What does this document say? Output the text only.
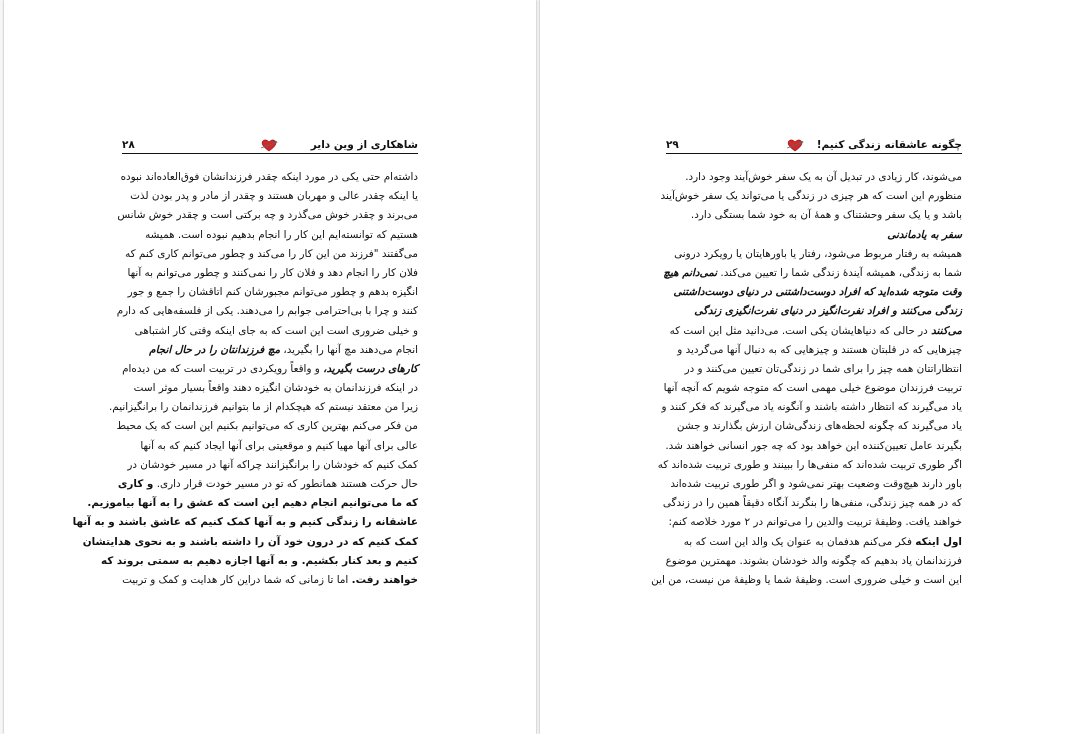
شاهکاری از وین دایر
۲۸
داشته‌ام حتی یکی در مورد اینکه چقدر فرزندانشان فوق‌العاده‌اند نبوده
یا اینکه چقدر عالی و مهربان هستند و چقدر از مادر و پدر بودن لذت
می‌برند و چقدر خوش می‌گذرد و چه برکتی است و چقدر خوش شانس
هستیم که توانسته‌ایم این کار را انجام بدهیم نبوده است. همیشه
می‌گفتند "فرزند من این کار را می‌کند و چطور می‌توانم کاری کنم که
فلان کار را انجام دهد و فلان کار را نمی‌کنند و چطور می‌توانم به آنها
انگیزه بدهم و چطور می‌توانم مجبورشان کنم اتاقشان را جمع و جور
کنند و چرا با بی‌احترامی جوابم را می‌دهند. یکی از فلسفه‌هایی که دارم
و خیلی ضروری است این است که به جای اینکه وقتی کار اشتباهی
انجام می‌دهند مچ آنها را بگیرید، مچ فرزندانتان را در حال انجام
کارهای درست بگیرید، و واقعاً رویکردی در تربیت است که من دیده‌ام
در اینکه فرزندانمان به خودشان انگیزه دهند واقعاً بسیار موثر است
زیرا من معتقد نیستم که هیچکدام از ما بتوانیم فرزندانمان را برانگیزانیم.
من فکر می‌کنم بهترین کاری که می‌توانیم بکنیم این است که یک محیط
عالی برای آنها مهیا کنیم و موقعیتی برای آنها ایجاد کنیم که به آنها
کمک کنیم که خودشان را برانگیزانند چراکه آنها در مسیر خودشان در
حال حرکت هستند همانطور که تو در مسیر خودت قرار داری. و کاری
که ما می‌توانیم انجام دهیم این است که عشق را به آنها بیاموزیم.
عاشقانه را زندگی کنیم و به آنها کمک کنیم که عاشق باشند و به آنها
کمک کنیم که در درون خود آن را داشته باشند و به نحوی هدایتشان
کنیم و بعد کنار بکشیم. و به آنها اجازه دهیم به سمتی بروند که
خواهند رفت. اما تا زمانی که شما دراین کار هدایت و کمک و تربیت
چگونه عاشقانه زندگی کنیم!
۲۹
می‌شوند، کار زیادی در تبدیل آن به یک سفر خوش‌آیند وجود دارد.
منظورم این است که هر چیزی در زندگی یا می‌تواند یک سفر خوش‌آیند
باشد و یا یک سفر وحشتناک و همهٔ آن به خود شما بستگی دارد.
سفر به یادماندنی
همیشه به رفتار مربوط می‌شود، رفتار یا باورهایتان یا رویکرد درونی
شما به زندگی، همیشه آیندهٔ زندگی شما را تعیین می‌کند. نمی‌دانم هیچ
وقت متوجه شده‌اید که افراد دوست‌داشتنی در دنیای دوست‌داشتنی
زندگی می‌کنند و افراد نفرت‌انگیز در دنیای نفرت‌انگیزی زندگی
می‌کنند در حالی که دنیاهایشان یکی است. می‌دانید مثل این است که
چیزهایی که در قلبتان هستند و چیزهایی که به دنبال آنها می‌گردید و
انتظاراتتان همه چیز را برای شما در زندگی‌تان تعیین می‌کنند و در
تربیت فرزندان موضوع خیلی مهمی است که متوجه شویم که آنچه آنها
یاد می‌گیرند که انتظار داشته باشند و آنگونه یاد می‌گیرند که فکر کنند و
یاد می‌گیرند که چگونه لحظه‌های زندگی‌شان ارزش بگذارند و جشن
بگیرند عامل تعیین‌کننده این خواهد بود که چه جور انسانی خواهند شد.
اگر طوری تربیت شده‌اند که منفی‌ها را ببینند و طوری تربیت شده‌اند که
باور دارند هیچ‌وقت وضعیت بهتر نمی‌شود و اگر طوری تربیت شده‌اند
که در همه چیز زندگی، منفی‌ها را بنگرند آنگاه دقیقاً همین را در زندگی
خواهند یافت. وظیفهٔ تربیت والدین را می‌توانم در ۲ مورد خلاصه کنم:
اول اینکه فکر می‌کنم هدفمان به عنوان یک والد این است که به
فرزندانمان یاد بدهیم که چگونه والد خودشان بشوند. مهمترین موضوع
این است و خیلی ضروری است. وظیفهٔ شما یا وظیفهٔ من نیست، من این
